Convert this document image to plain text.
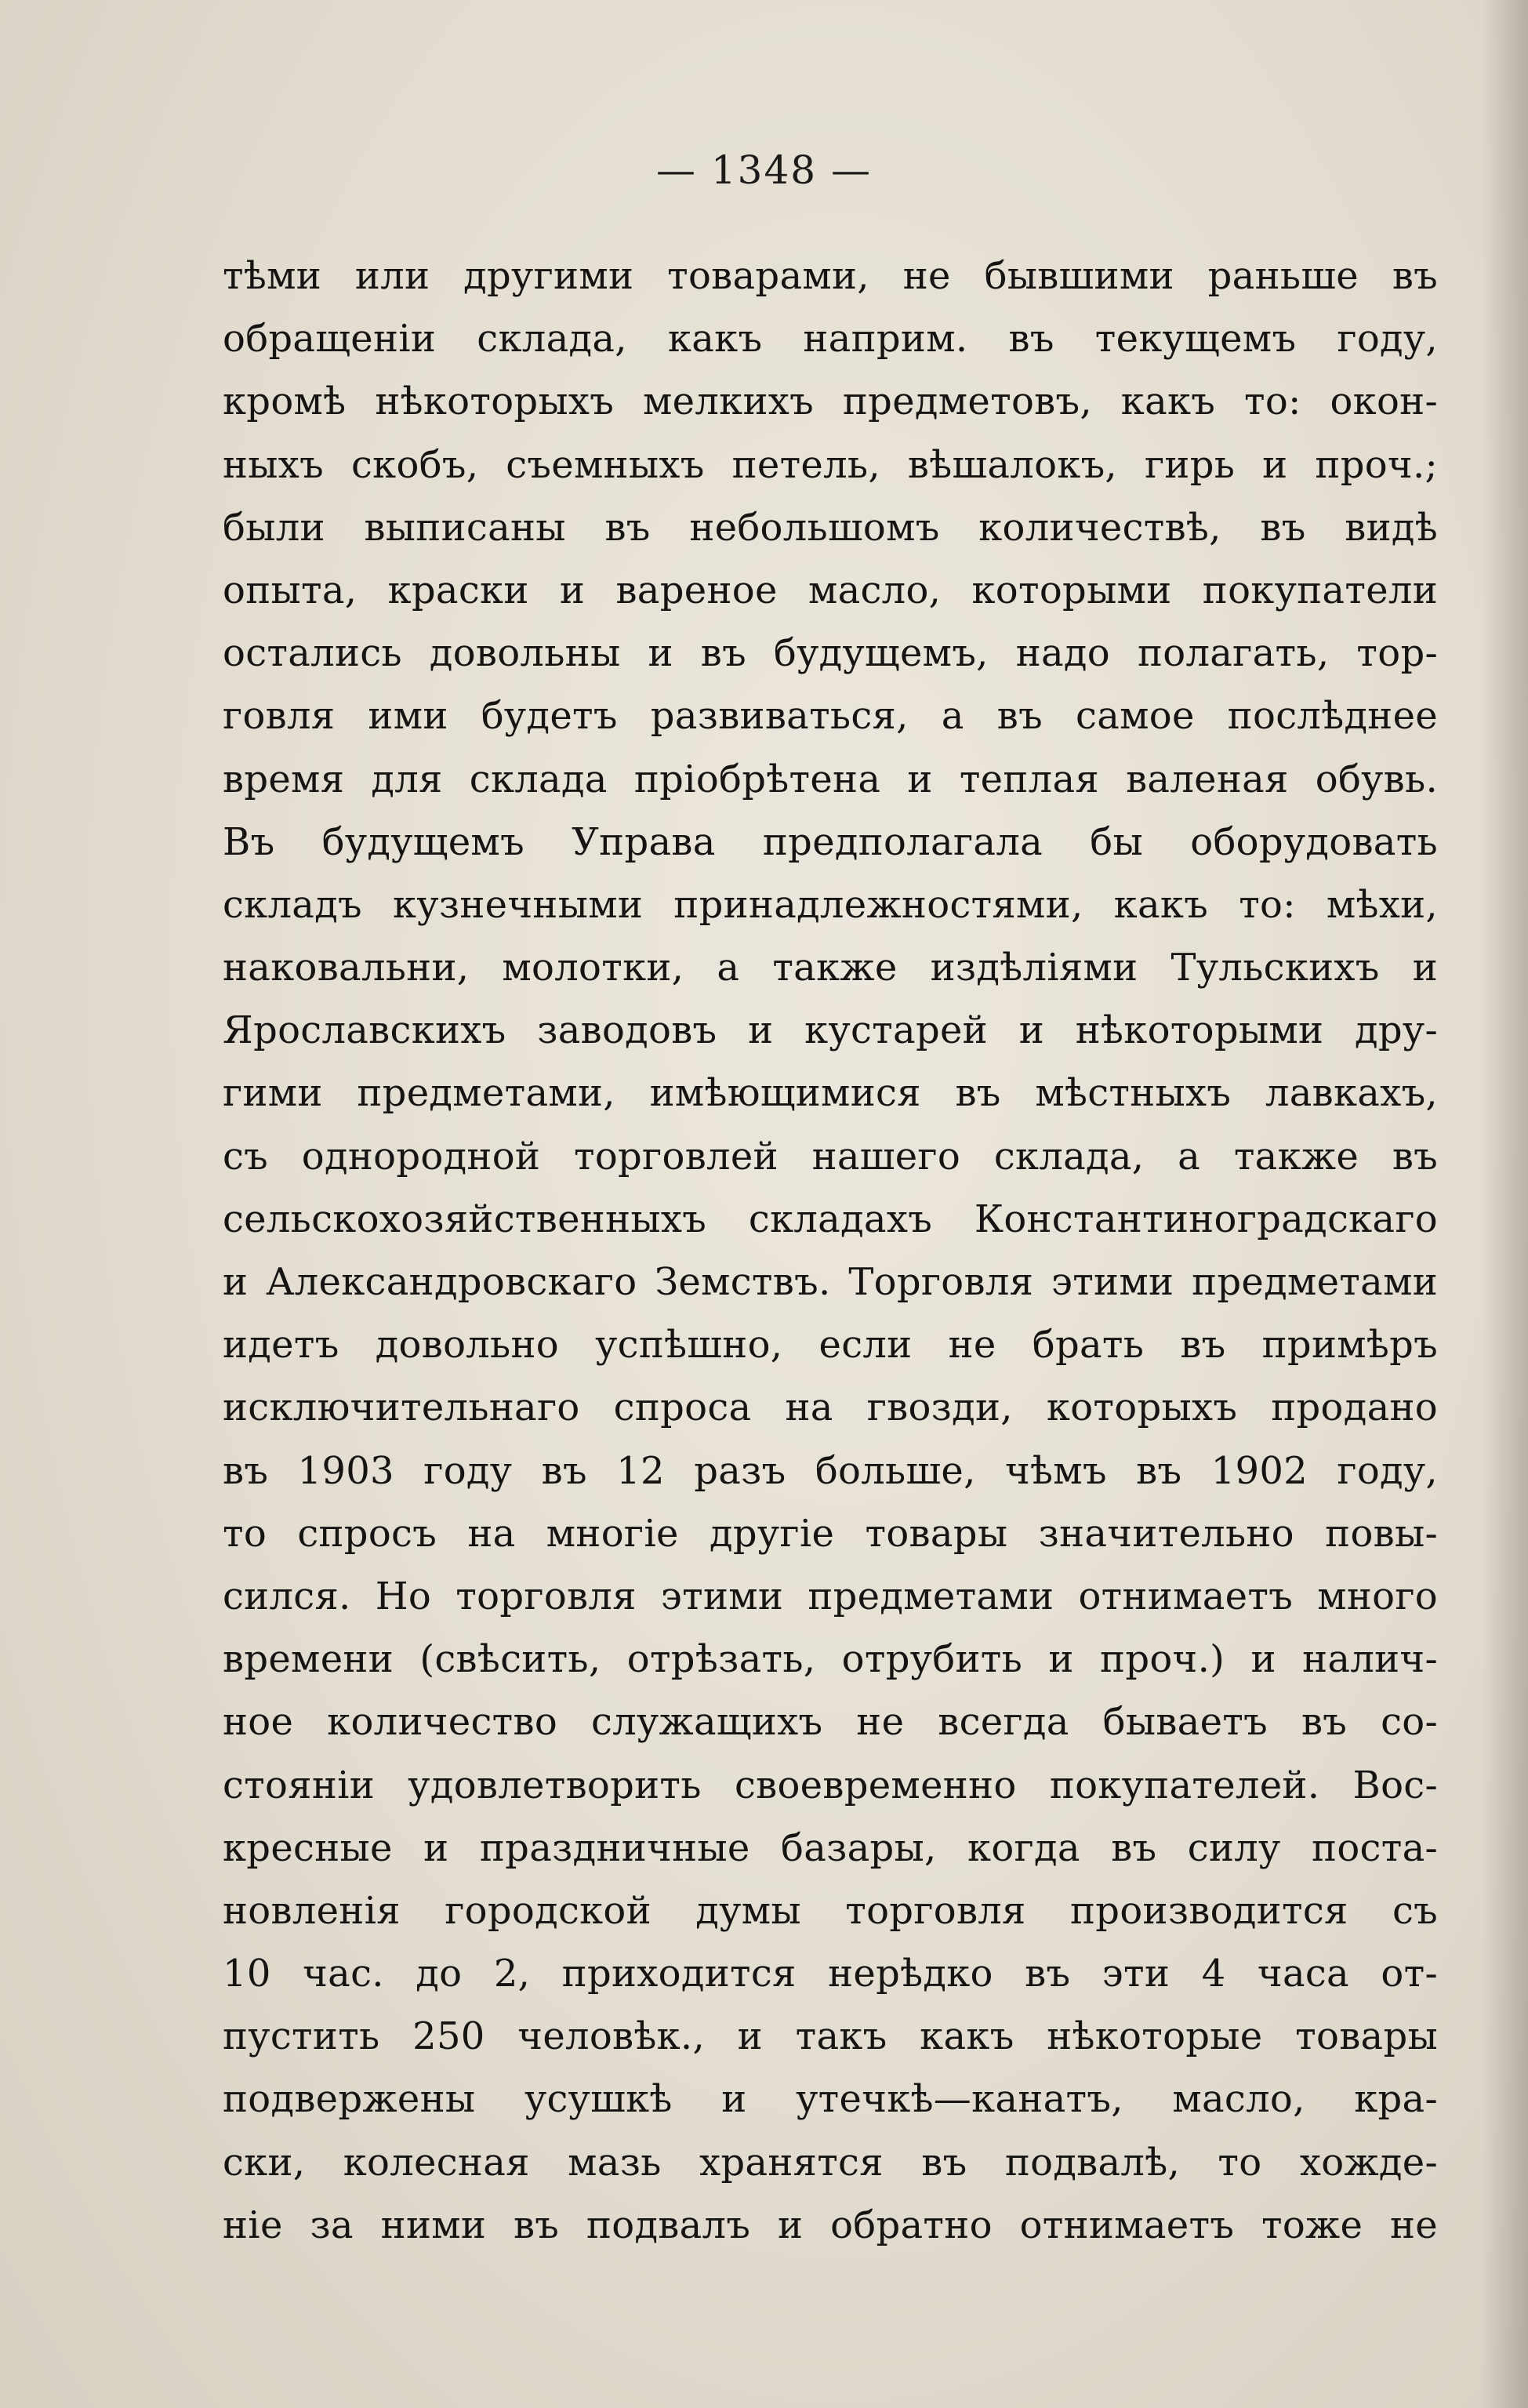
— 1348 —
тѣми или другими товарами, не бывшими раньше въ
обращеніи склада, какъ наприм. въ текущемъ году,
кромѣ нѣкоторыхъ мелкихъ предметовъ, какъ то: окон-
ныхъ скобъ, съемныхъ петель, вѣшалокъ, гирь и проч.;
были выписаны въ небольшомъ количествѣ, въ видѣ
опыта, краски и вареное масло, которыми покупатели
остались довольны и въ будущемъ, надо полагать, тор-
говля ими будетъ развиваться, а въ самое послѣднее
время для склада пріобрѣтена и теплая валеная обувь.
Въ будущемъ Управа предполагала бы оборудовать
складъ кузнечными принадлежностями, какъ то: мѣхи,
наковальни, молотки, а также издѣліями Тульскихъ и
Ярославскихъ заводовъ и кустарей и нѣкоторыми дру-
гими предметами, имѣющимися въ мѣстныхъ лавкахъ,
съ однородной торговлей нашего склада, а также въ
сельскохозяйственныхъ складахъ Константиноградскаго
и Александровскаго Земствъ. Торговля этими предметами
идетъ довольно успѣшно, если не брать въ примѣръ
исключительнаго спроса на гвозди, которыхъ продано
въ 1903 году въ 12 разъ больше, чѣмъ въ 1902 году,
то спросъ на многіе другіе товары значительно повы-
сился. Но торговля этими предметами отнимаетъ много
времени (свѣсить, отрѣзать, отрубить и проч.) и налич-
ное количество служащихъ не всегда бываетъ въ со-
стояніи удовлетворить своевременно покупателей. Вос-
кресные и праздничные базары, когда въ силу поста-
новленія городской думы торговля производится съ
10 час. до 2, приходится нерѣдко въ эти 4 часа от-
пустить 250 человѣк., и такъ какъ нѣкоторые товары
подвержены усушкѣ и утечкѣ—канатъ, масло, кра-
ски, колесная мазь хранятся въ подвалѣ, то хожде-
ніе за ними въ подвалъ и обратно отнимаетъ тоже не
